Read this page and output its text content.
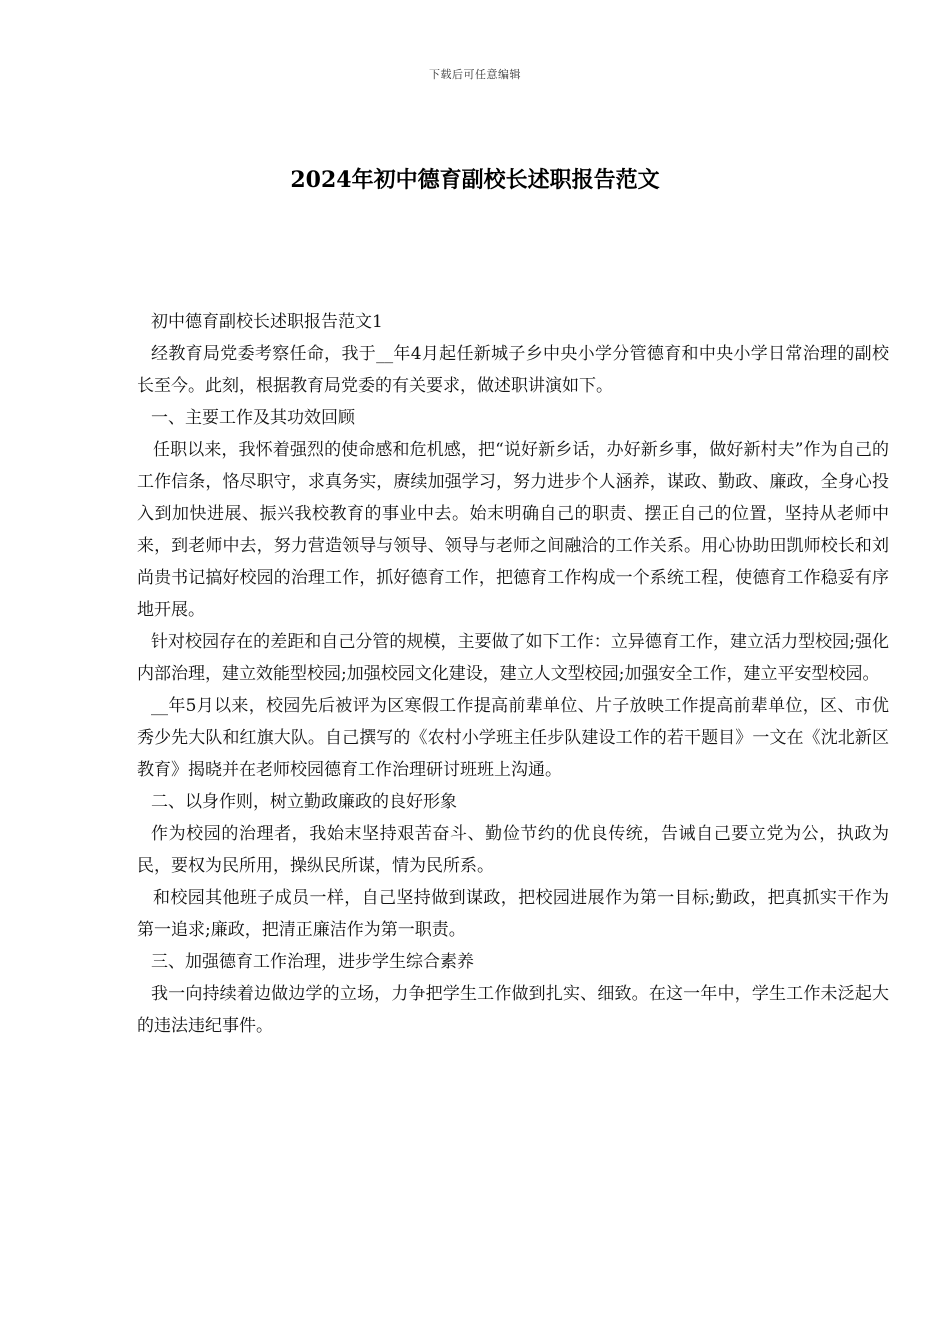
下载后可任意编辑
2024年初中德育副校长述职报告范文

初中德育副校长述职报告范文1

经教育局党委考察任命，我于__年4月起任新城子乡中央小学分管德育和中央小学日常治理的副校长至今。此刻，根据教育局党委的有关要求，做述职讲演如下。

一、主要工作及其功效回顾

任职以来，我怀着强烈的使命感和危机感，把“说好新乡话，办好新乡事，做好新村夫”作为自己的工作信条，恪尽职守，求真务实，赓续加强学习，努力进步个人涵养，谋政、勤政、廉政，全身心投入到加快进展、振兴我校教育的事业中去。始末明确自己的职责、摆正自己的位置，坚持从老师中来，到老师中去，努力营造领导与领导、领导与老师之间融洽的工作关系。用心协助田凯师校长和刘尚贵书记搞好校园的治理工作，抓好德育工作，把德育工作构成一个系统工程，使德育工作稳妥有序地开展。

针对校园存在的差距和自己分管的规模，主要做了如下工作：立异德育工作，建立活力型校园;强化内部治理，建立效能型校园;加强校园文化建设，建立人文型校园;加强安全工作，建立平安型校园。

__年5月以来，校园先后被评为区寒假工作提高前辈单位、片子放映工作提高前辈单位，区、市优秀少先大队和红旗大队。自己撰写的《农村小学班主任步队建设工作的若干题目》一文在《沈北新区教育》揭晓并在老师校园德育工作治理研讨班班上沟通。

二、以身作则，树立勤政廉政的良好形象

作为校园的治理者，我始末坚持艰苦奋斗、勤俭节约的优良传统，告诫自己要立党为公，执政为民，要权为民所用，操纵民所谋，情为民所系。

和校园其他班子成员一样，自己坚持做到谋政，把校园进展作为第一目标;勤政，把真抓实干作为第一追求;廉政，把清正廉洁作为第一职责。

三、加强德育工作治理，进步学生综合素养

我一向持续着边做边学的立场，力争把学生工作做到扎实、细致。在这一年中，学生工作未泛起大的违法违纪事件。
